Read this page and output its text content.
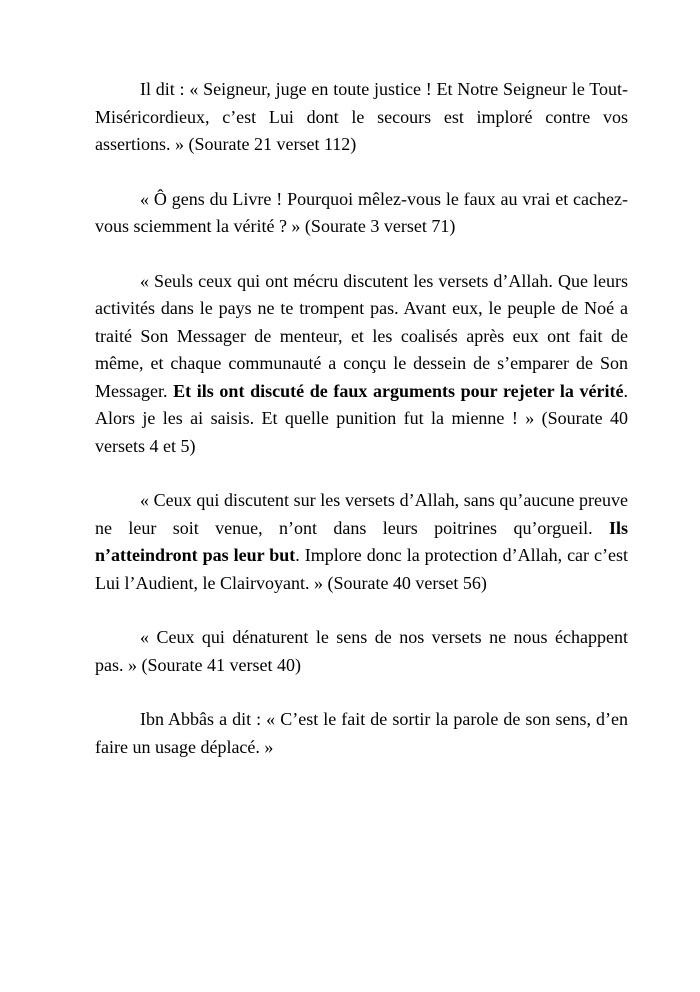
Il dit : « Seigneur, juge en toute justice ! Et Notre Seigneur le Tout-Miséricordieux, c’est Lui dont le secours est imploré contre vos assertions. » (Sourate 21 verset 112)

« Ô gens du Livre ! Pourquoi mêlez-vous le faux au vrai et cachez-vous sciemment la vérité ? » (Sourate 3 verset 71)

« Seuls ceux qui ont mécru discutent les versets d’Allah. Que leurs activités dans le pays ne te trompent pas. Avant eux, le peuple de Noé a traité Son Messager de menteur, et les coalisés après eux ont fait de même, et chaque communauté a conçu le dessein de s’emparer de Son Messager. Et ils ont discuté de faux arguments pour rejeter la vérité. Alors je les ai saisis. Et quelle punition fut la mienne ! » (Sourate 40 versets 4 et 5)

« Ceux qui discutent sur les versets d’Allah, sans qu’aucune preuve ne leur soit venue, n’ont dans leurs poitrines qu’orgueil. Ils n’atteindront pas leur but. Implore donc la protection d’Allah, car c’est Lui l’Audient, le Clairvoyant. » (Sourate 40 verset 56)

« Ceux qui dénaturent le sens de nos versets ne nous échappent pas. » (Sourate 41 verset 40)

Ibn Abbâs a dit : « C’est le fait de sortir la parole de son sens, d’en faire un usage déplacé. »
